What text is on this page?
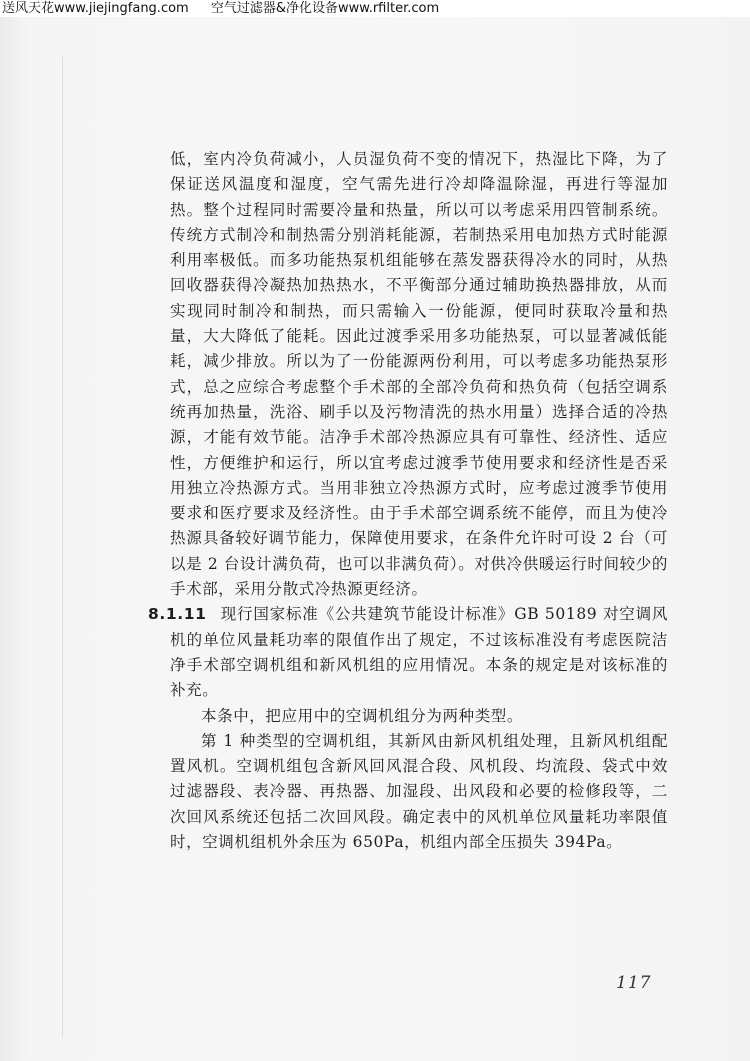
送风天花www.jiejingfang.com 空气过滤器&净化设备www.rfilter.com

低，室内冷负荷减小，人员湿负荷不变的情况下，热湿比下降，为了保证送风温度和湿度，空气需先进行冷却降温除湿，再进行等湿加热。整个过程同时需要冷量和热量，所以可以考虑采用四管制系统。传统方式制冷和制热需分别消耗能源，若制热采用电加热方式时能源利用率极低。而多功能热泵机组能够在蒸发器获得冷水的同时，从热回收器获得冷凝热加热热水，不平衡部分通过辅助换热器排放，从而实现同时制冷和制热，而只需输入一份能源，便同时获取冷量和热量，大大降低了能耗。因此过渡季采用多功能热泵，可以显著减低能耗，减少排放。所以为了一份能源两份利用，可以考虑多功能热泵形式，总之应综合考虑整个手术部的全部冷负荷和热负荷（包括空调系统再加热量，洗浴、刷手以及污物清洗的热水用量）选择合适的冷热源，才能有效节能。洁净手术部冷热源应具有可靠性、经济性、适应性，方便维护和运行，所以宜考虑过渡季节使用要求和经济性是否采用独立冷热源方式。当用非独立冷热源方式时，应考虑过渡季节使用要求和医疗要求及经济性。由于手术部空调系统不能停，而且为使冷热源具备较好调节能力，保障使用要求，在条件允许时可设 2 台（可以是 2 台设计满负荷，也可以非满负荷）。对供冷供暖运行时间较少的手术部，采用分散式冷热源更经济。

8.1.11 现行国家标准《公共建筑节能设计标准》GB 50189 对空调风机的单位风量耗功率的限值作出了规定，不过该标准没有考虑医院洁净手术部空调机组和新风机组的应用情况。本条的规定是对该标准的补充。

本条中，把应用中的空调机组分为两种类型。

第 1 种类型的空调机组，其新风由新风机组处理，且新风机组配置风机。空调机组包含新风回风混合段、风机段、均流段、袋式中效过滤器段、表冷器、再热器、加湿段、出风段和必要的检修段等，二次回风系统还包括二次回风段。确定表中的风机单位风量耗功率限值时，空调机组机外余压为 650Pa，机组内部全压损失 394Pa。

117
